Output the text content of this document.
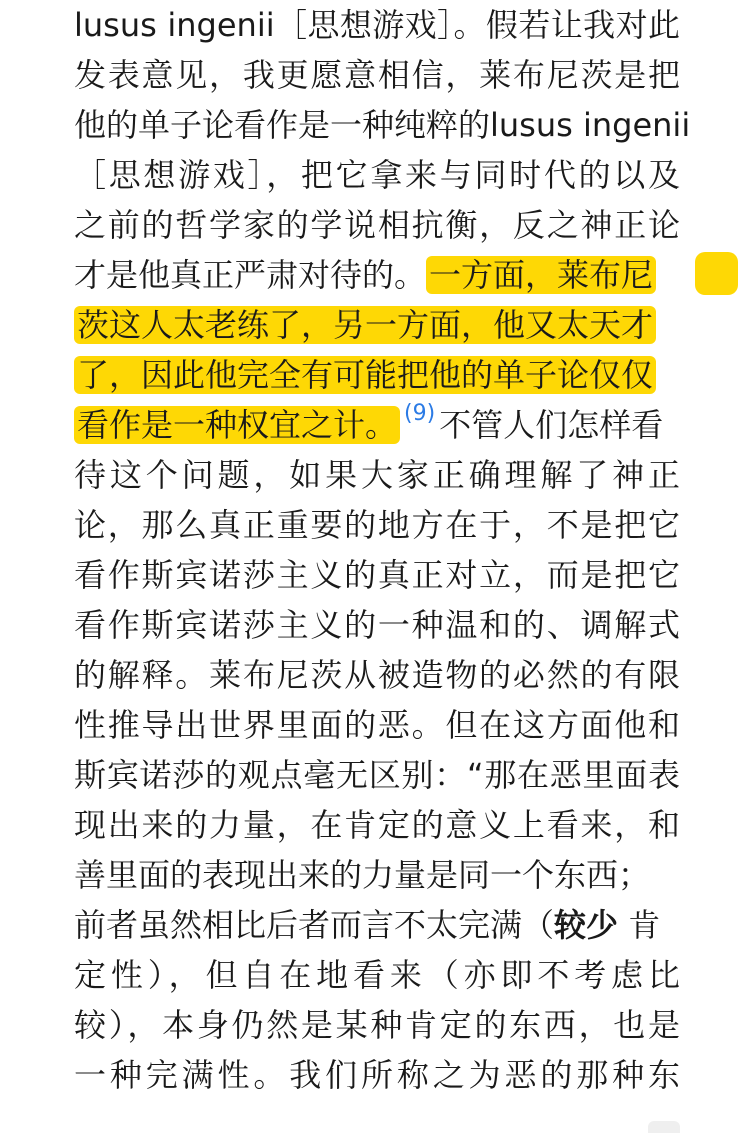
lusus ingenii［思想游戏］。假若让我对此
发表意见，我更愿意相信，莱布尼茨是把
他的单子论看作是一种纯粹的lusus ingenii
［思想游戏］，把它拿来与同时代的以及
之前的哲学家的学说相抗衡，反之神正论
才是他真正严肃对待的。一方面，莱布尼
茨这人太老练了，另一方面，他又太天才
了，因此他完全有可能把他的单子论仅仅
看作是一种权宜之计。 $^{(9)}$ 不管人们怎样看
待这个问题，如果大家正确理解了神正
论，那么真正重要的地方在于，不是把它
看作斯宾诺莎主义的真正对立，而是把它
看作斯宾诺莎主义的一种温和的、调解式
的解释。莱布尼茨从被造物的必然的有限
性推导出世界里面的恶。但在这方面他和
斯宾诺莎的观点毫无区别：“那在恶里面表
现出来的力量，在肯定的意义上看来，和
善里面的表现出来的力量是同一个东西；
前者虽然相比后者而言不太完满（较少 肯
定性），但自在地看来（亦即不考虑比
较），本身仍然是某种肯定的东西，也是
一种完满性。我们所称之为恶的那种东
